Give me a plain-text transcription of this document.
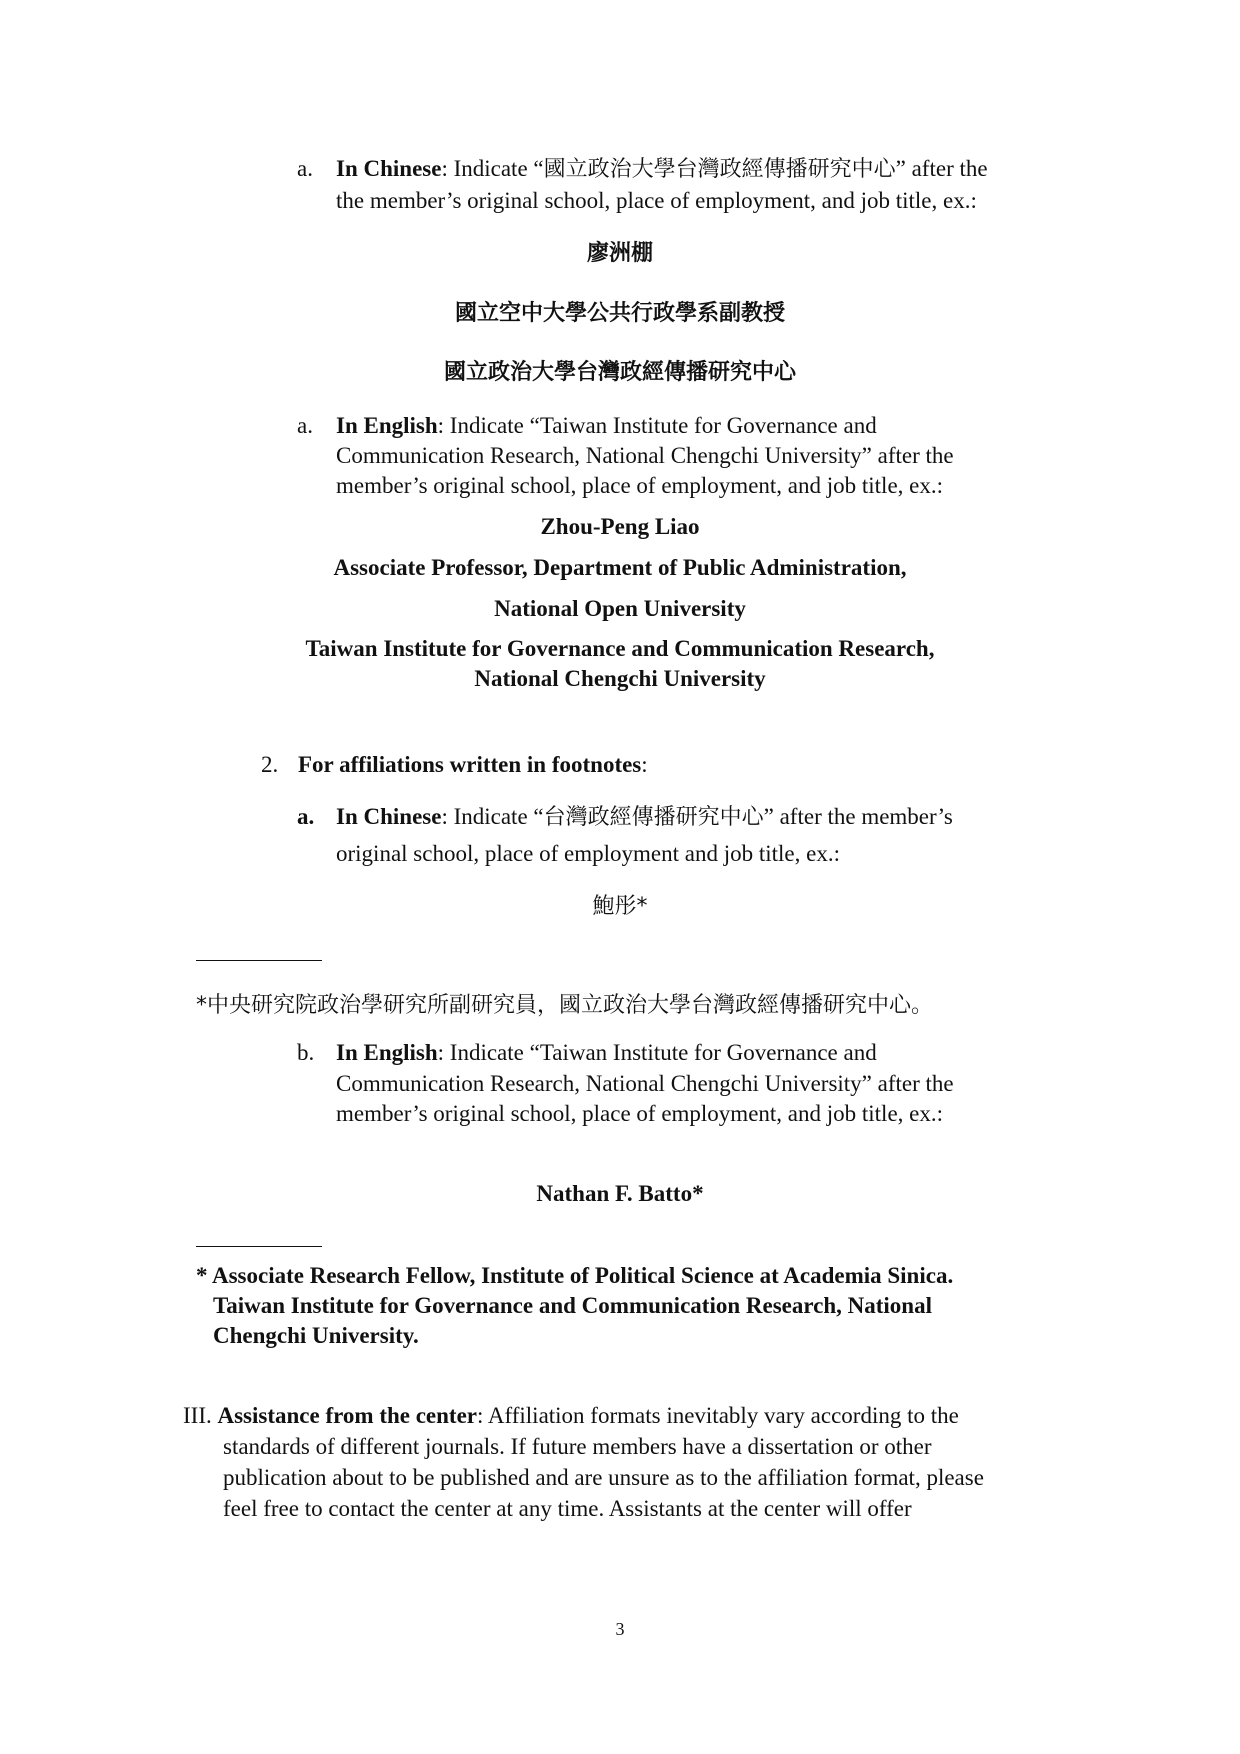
a. In Chinese: Indicate “國立政治大學台灣政經傳播研究中心” after the
the member’s original school, place of employment, and job title, ex.:
廖洲棚
國立空中大學公共行政學系副教授
國立政治大學台灣政經傳播研究中心
a. In English: Indicate “Taiwan Institute for Governance and
Communication Research, National Chengchi University” after the
member’s original school, place of employment, and job title, ex.:
Zhou-Peng Liao
Associate Professor, Department of Public Administration,
National Open University
Taiwan Institute for Governance and Communication Research,
National Chengchi University
2. For affiliations written in footnotes:
a. In Chinese: Indicate “台灣政經傳播研究中心” after the member’s
original school, place of employment and job title, ex.:
鮑彤*
*中央研究院政治學研究所副研究員，國立政治大學台灣政經傳播研究中心。
b. In English: Indicate “Taiwan Institute for Governance and
Communication Research, National Chengchi University” after the
member’s original school, place of employment, and job title, ex.:
Nathan F. Batto*
* Associate Research Fellow, Institute of Political Science at Academia Sinica.
Taiwan Institute for Governance and Communication Research, National
Chengchi University.
III. Assistance from the center: Affiliation formats inevitably vary according to the
standards of different journals. If future members have a dissertation or other
publication about to be published and are unsure as to the affiliation format, please
feel free to contact the center at any time. Assistants at the center will offer
3
